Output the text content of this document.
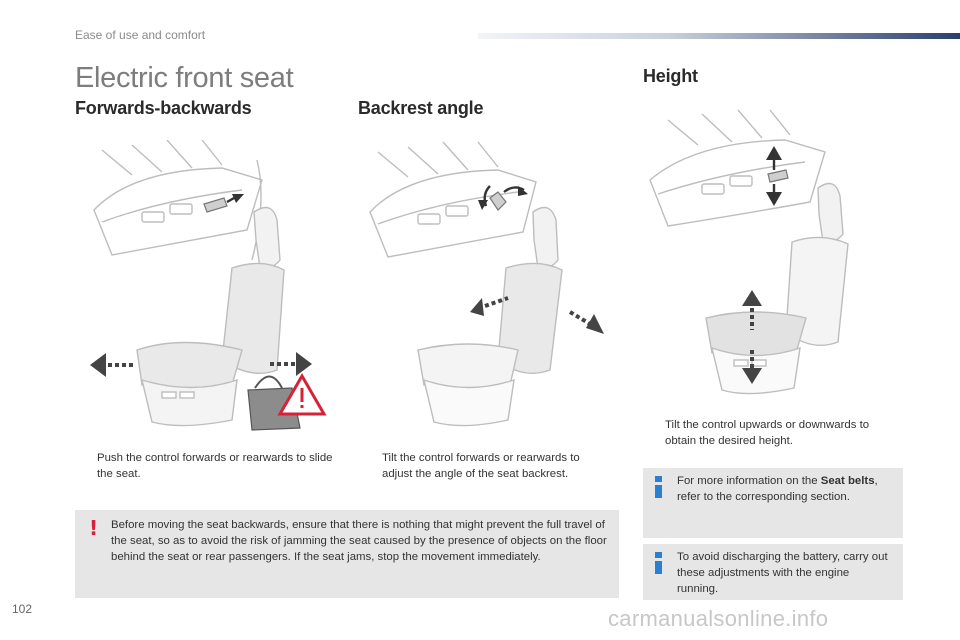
Ease of use and comfort
Electric front seat
Forwards-backwards	Backrest angle
Height
Push the control forwards or rearwards to slide the seat.
Tilt the control forwards or rearwards to adjust the angle of the seat backrest.
Tilt the control upwards or downwards to obtain the desired height.
! Before moving the seat backwards, ensure that there is nothing that might prevent the full travel of the seat, so as to avoid the risk of jamming the seat caused by the presence of objects on the floor behind the seat or rear passengers. If the seat jams, stop the movement immediately.
For more information on the Seat belts, refer to the corresponding section.
To avoid discharging the battery, carry out these adjustments with the engine running.
102	carmanualsonline.info
